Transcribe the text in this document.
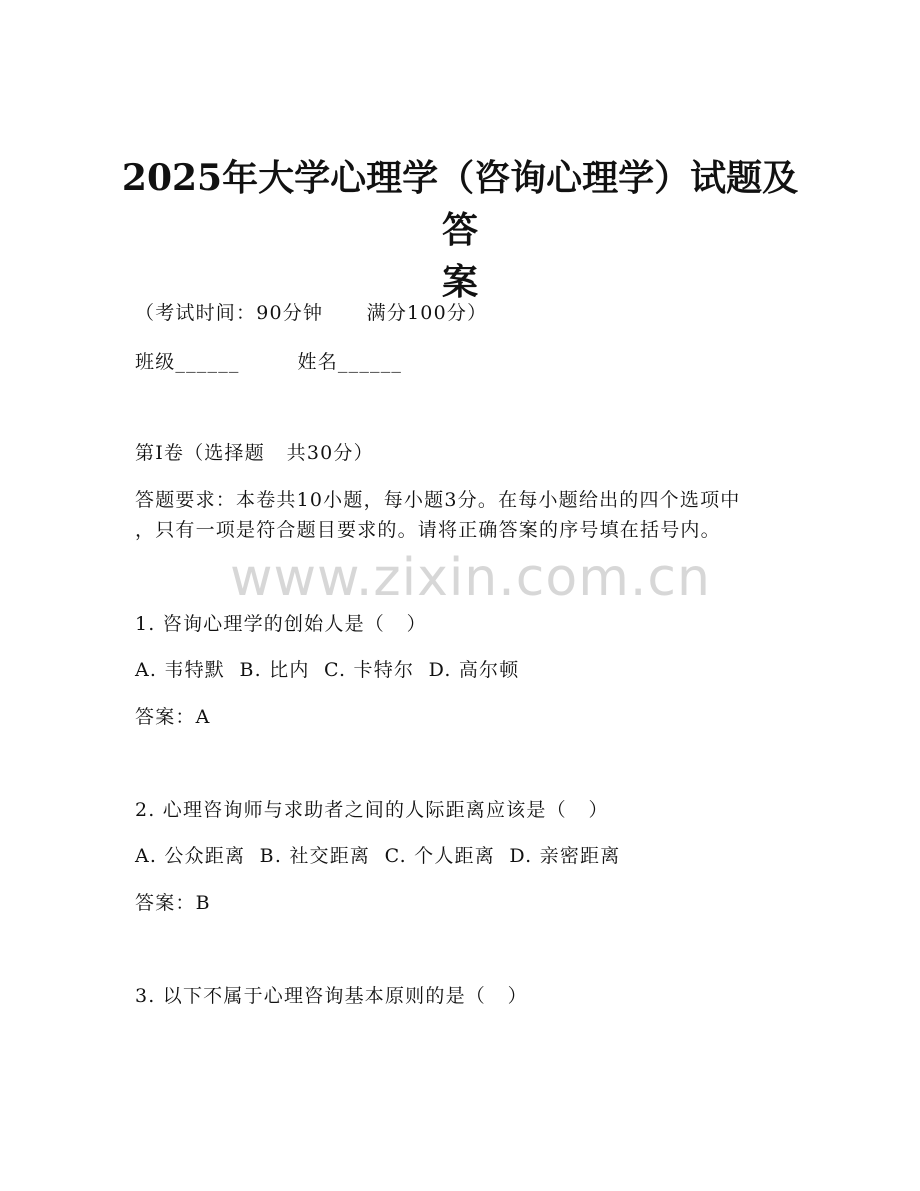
2025年大学心理学（咨询心理学）试题及答
案
（考试时间：90分钟      满分100分）
班级______        姓名______
第I卷（选择题   共30分）
答题要求：本卷共10小题，每小题3分。在每小题给出的四个选项中
，只有一项是符合题目要求的。请将正确答案的序号填在括号内。
www.zixin.com.cn
1. 咨询心理学的创始人是（   ）
A. 韦特默  B. 比内  C. 卡特尔  D. 高尔顿
答案：A
2. 心理咨询师与求助者之间的人际距离应该是（   ）
A. 公众距离  B. 社交距离  C. 个人距离  D. 亲密距离
答案：B
3. 以下不属于心理咨询基本原则的是（   ）
